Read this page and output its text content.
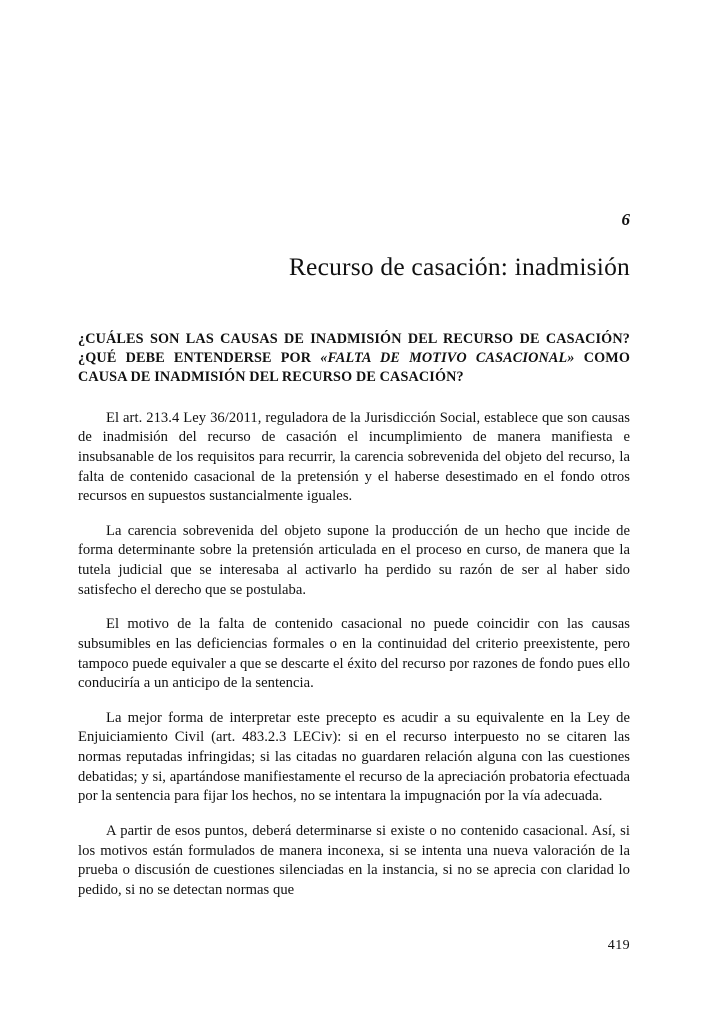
6
Recurso de casación: inadmisión
¿CUÁLES SON LAS CAUSAS DE INADMISIÓN DEL RECURSO DE CASACIÓN?¿QUÉ DEBE ENTENDERSE POR «FALTA DE MOTIVO CASACIONAL» COMO CAUSA DE INADMISIÓN DEL RECURSO DE CASACIÓN?

El art. 213.4 Ley 36/2011, reguladora de la Jurisdicción Social, establece que son causas de inadmisión del recurso de casación el incumplimiento de manera manifiesta e insubsanable de los requisitos para recurrir, la carencia sobrevenida del objeto del recurso, la falta de contenido casacional de la pretensión y el haberse desestimado en el fondo otros recursos en supuestos sustancialmente iguales.

La carencia sobrevenida del objeto supone la producción de un hecho que incide de forma determinante sobre la pretensión articulada en el proceso en curso, de manera que la tutela judicial que se interesaba al activarlo ha perdido su razón de ser al haber sido satisfecho el derecho que se postulaba.

El motivo de la falta de contenido casacional no puede coincidir con las causas subsumibles en las deficiencias formales o en la continuidad del criterio preexistente, pero tampoco puede equivaler a que se descarte el éxito del recurso por razones de fondo pues ello conduciría a un anticipo de la sentencia.

La mejor forma de interpretar este precepto es acudir a su equivalente en la Ley de Enjuiciamiento Civil (art. 483.2.3 LECiv): si en el recurso interpuesto no se citaren las normas reputadas infringidas; si las citadas no guardaren relación alguna con las cuestiones debatidas; y si, apartándose manifiestamente el recurso de la apreciación probatoria efectuada por la sentencia para fijar los hechos, no se intentara la impugnación por la vía adecuada.

A partir de esos puntos, deberá determinarse si existe o no contenido casacional. Así, si los motivos están formulados de manera inconexa, si se intenta una nueva valoración de la prueba o discusión de cuestiones silenciadas en la instancia, si no se aprecia con claridad lo pedido, si no se detectan normas que

419
